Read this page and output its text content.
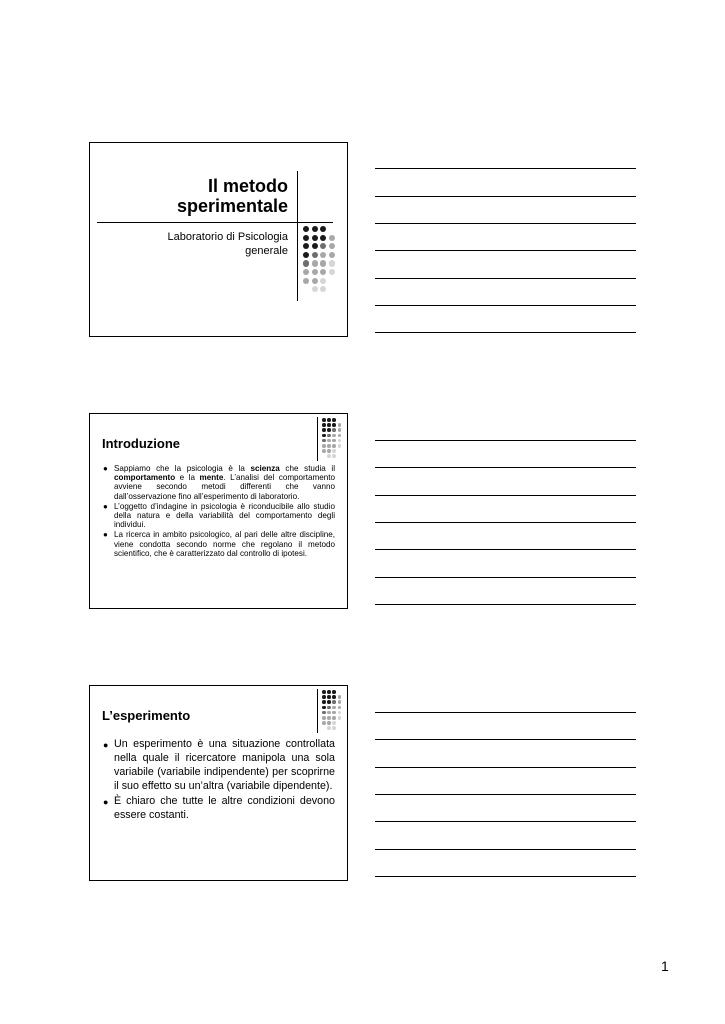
Il metodo
sperimentale
Laboratorio di Psicologia
generale
Introduzione
● Sappiamo che la psicologia è la scienza che studia il comportamento e la mente. L’analisi del comportamento avviene secondo metodi differenti che vanno dall’osservazione fino all’esperimento di laboratorio.
● L’oggetto d’indagine in psicologia è riconducibile allo studio della natura e della variabilità del comportamento degli individui.
● La ricerca in ambito psicologico, al pari delle altre discipline, viene condotta secondo norme che regolano il metodo scientifico, che è caratterizzato dal controllo di ipotesi.
L’esperimento
● Un esperimento è una situazione controllata nella quale il ricercatore manipola una sola variabile (variabile indipendente) per scoprirne il suo effetto su un’altra (variabile dipendente).
● È chiaro che tutte le altre condizioni devono essere costanti.
1
